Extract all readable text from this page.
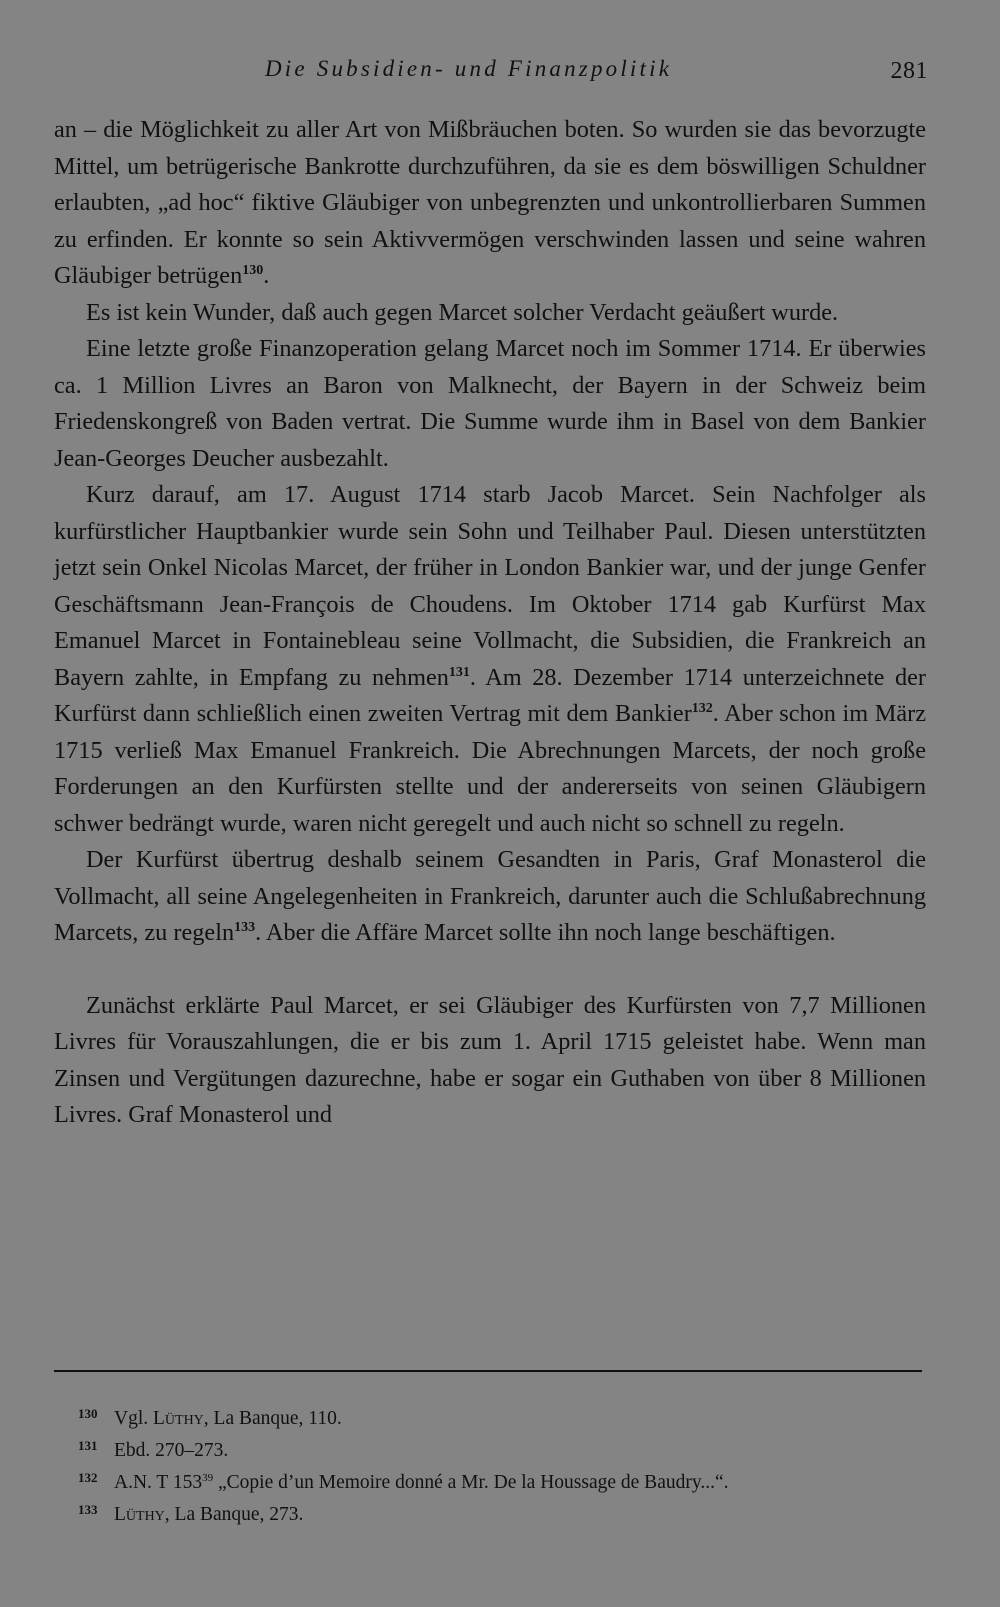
Die Subsidien- und Finanzpolitik	281

an – die Möglichkeit zu aller Art von Mißbräuchen boten. So wurden sie das bevorzugte Mittel, um betrügerische Bankrotte durchzuführen, da sie es dem böswilligen Schuldner erlaubten, „ad hoc“ fiktive Gläubiger von unbegrenzten und unkontrollierbaren Summen zu erfinden. Er konnte so sein Aktivvermögen verschwinden lassen und seine wahren Gläubiger betrügen$^{130}$.

Es ist kein Wunder, daß auch gegen Marcet solcher Verdacht geäußert wurde.

Eine letzte große Finanzoperation gelang Marcet noch im Sommer 1714. Er überwies ca. 1 Million Livres an Baron von Malknecht, der Bayern in der Schweiz beim Friedenskongreß von Baden vertrat. Die Summe wurde ihm in Basel von dem Bankier Jean-Georges Deucher ausbezahlt.

Kurz darauf, am 17. August 1714 starb Jacob Marcet. Sein Nachfolger als kurfürstlicher Hauptbankier wurde sein Sohn und Teilhaber Paul. Diesen unterstützten jetzt sein Onkel Nicolas Marcet, der früher in London Bankier war, und der junge Genfer Geschäftsmann Jean-François de Choudens. Im Oktober 1714 gab Kurfürst Max Emanuel Marcet in Fontainebleau seine Vollmacht, die Subsidien, die Frankreich an Bayern zahlte, in Empfang zu nehmen$^{131}$. Am 28. Dezember 1714 unterzeichnete der Kurfürst dann schließlich einen zweiten Vertrag mit dem Bankier$^{132}$. Aber schon im März 1715 verließ Max Emanuel Frankreich. Die Abrechnungen Marcets, der noch große Forderungen an den Kurfürsten stellte und der andererseits von seinen Gläubigern schwer bedrängt wurde, waren nicht geregelt und auch nicht so schnell zu regeln.

Der Kurfürst übertrug deshalb seinem Gesandten in Paris, Graf Monasterol die Vollmacht, all seine Angelegenheiten in Frankreich, darunter auch die Schlußabrechnung Marcets, zu regeln$^{133}$. Aber die Affäre Marcet sollte ihn noch lange beschäftigen.

Zunächst erklärte Paul Marcet, er sei Gläubiger des Kurfürsten von 7,7 Millionen Livres für Vorauszahlungen, die er bis zum 1. April 1715 geleistet habe. Wenn man Zinsen und Vergütungen dazurechne, habe er sogar ein Guthaben von über 8 Millionen Livres. Graf Monasterol und

130 Vgl. Lüthy, La Banque, 110.
131 Ebd. 270–273.
132 A.N. T $153^{39}$ „Copie d’un Memoire donné a Mr. De la Houssage de Baudry...“.
133 Lüthy, La Banque, 273.
